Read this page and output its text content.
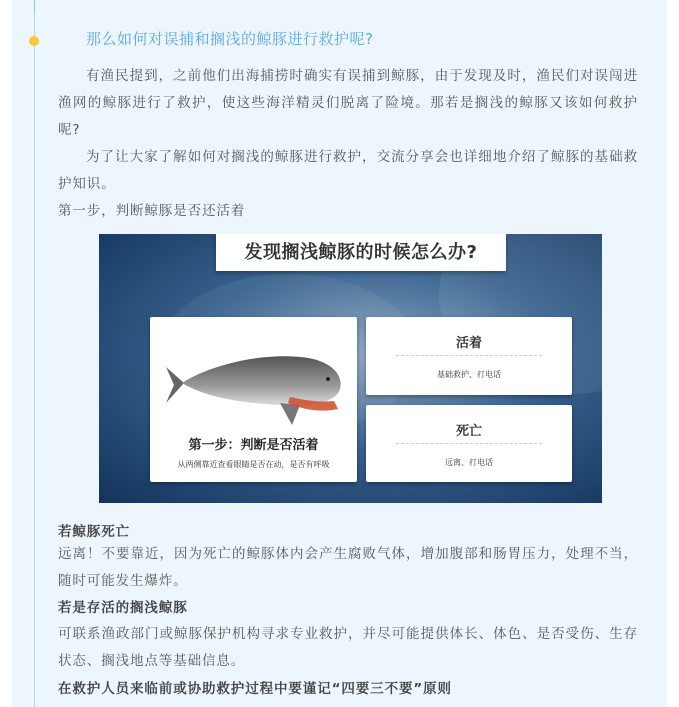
那么如何对误捕和搁浅的鲸豚进行救护呢?

有渔民提到，之前他们出海捕捞时确实有误捕到鲸豚，由于发现及时，渔民们对误闯进渔网的鲸豚进行了救护，使这些海洋精灵们脱离了险境。那若是搁浅的鲸豚又该如何救护呢?

为了让大家了解如何对搁浅的鲸豚进行救护，交流分享会也详细地介绍了鲸豚的基础救护知识。

第一步，判断鲸豚是否还活着

发现搁浅鲸豚的时候怎么办?
第一步：判断是否活着
从两侧靠近查看眼睛是否在动，是否有呼吸
活着
基础救护、打电话
死亡
远离、打电话

若鲸豚死亡

远离！不要靠近，因为死亡的鲸豚体内会产生腐败气体，增加腹部和肠胃压力，处理不当，随时可能发生爆炸。

若是存活的搁浅鲸豚

可联系渔政部门或鲸豚保护机构寻求专业救护，并尽可能提供体长、体色、是否受伤、生存状态、搁浅地点等基础信息。

在救护人员来临前或协助救护过程中要谨记“四要三不要”原则
